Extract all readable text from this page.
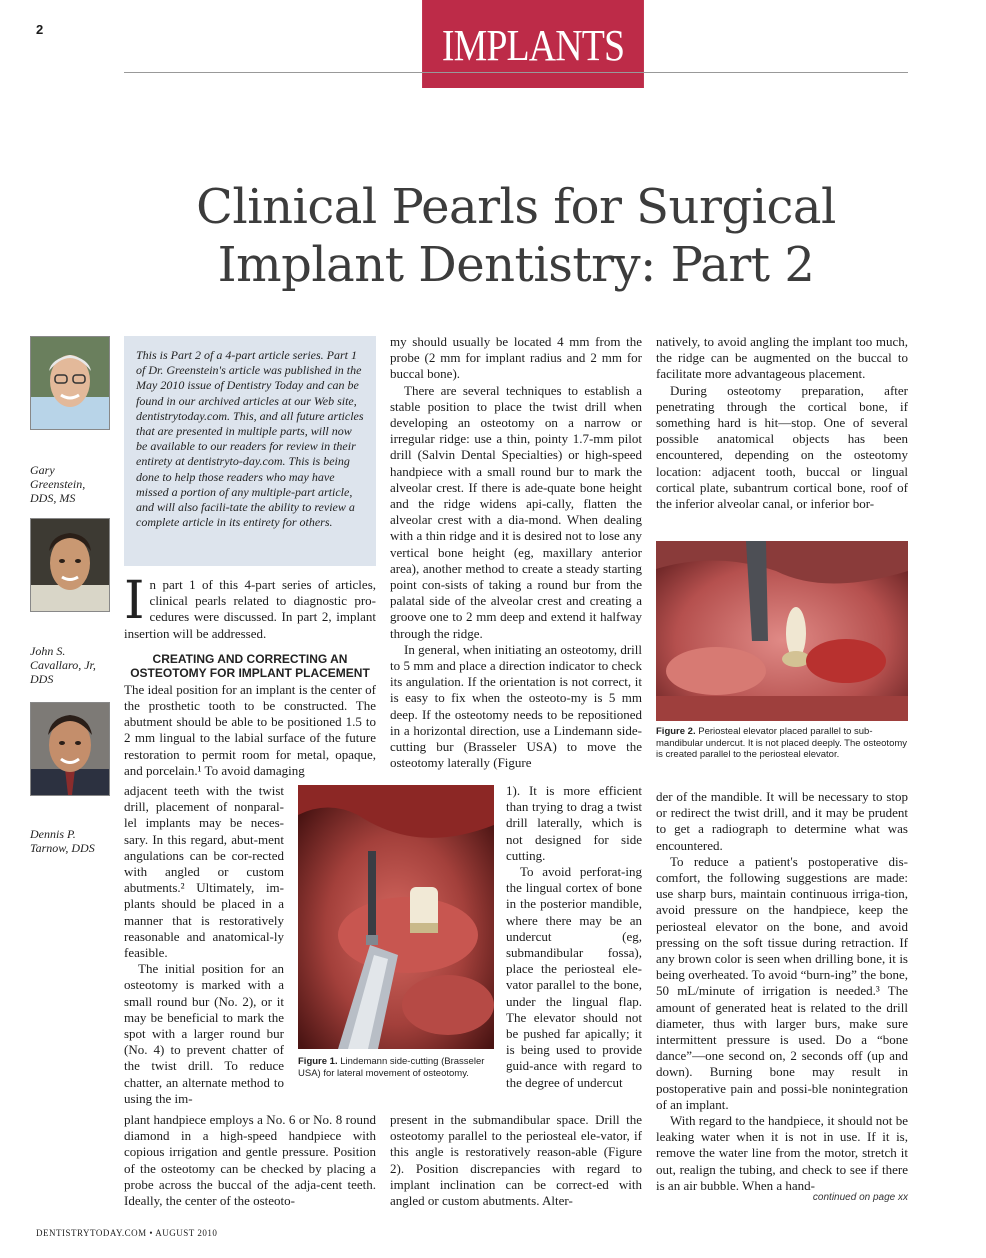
2	IMPLANTS
Clinical Pearls for Surgical
Implant Dentistry: Part 2
Gary
Greenstein,
DDS, MS
John S.
Cavallaro, Jr,
DDS
Dennis P.
Tarnow, DDS
This is Part 2 of a 4-part article series. Part 1 of Dr. Greenstein's article was published in the May 2010 issue of Dentistry Today and can be found in our archived articles at our Web site, dentistrytoday.com. This, and all future articles that are presented in multiple parts, will now be available to our readers for review in their entirety at dentistryto-day.com. This is being done to help those readers who may have missed a portion of any multiple-part article, and will also facili-tate the ability to review a complete article in its entirety for others.

In part 1 of this 4-part series of articles, clinical pearls related to diagnostic pro-cedures were discussed. In part 2, implant insertion will be addressed.

CREATING AND CORRECTING AN
OSTEOTOMY FOR IMPLANT PLACEMENT

The ideal position for an implant is the center of the prosthetic tooth to be constructed. The abutment should be able to be positioned 1.5 to 2 mm lingual to the labial surface of the future restoration to permit room for metal, opaque, and porcelain.¹ To avoid damaging

adjacent teeth with the twist drill, placement of nonparal-lel implants may be neces-sary. In this regard, abut-ment angulations can be cor-rected with angled or custom abutments.² Ultimately, im-plants should be placed in a manner that is restoratively reasonable and anatomical-ly feasible.

The initial position for an osteotomy is marked with a small round bur (No. 2), or it may be beneficial to mark the spot with a larger round bur (No. 4) to prevent chatter of the twist drill. To reduce chatter, an alternate method to using the im-

plant handpiece employs a No. 6 or No. 8 round diamond in a high-speed handpiece with copious irrigation and gentle pressure. Position of the osteotomy can be checked by placing a probe across the buccal of the adja-cent teeth. Ideally, the center of the osteoto-

Figure 1. Lindemann side-cutting (Brasseler USA) for lateral movement of osteotomy.

my should usually be located 4 mm from the probe (2 mm for implant radius and 2 mm for buccal bone).

There are several techniques to establish a stable position to place the twist drill when developing an osteotomy on a narrow or irregular ridge: use a thin, pointy 1.7-mm pilot drill (Salvin Dental Specialties) or high-speed handpiece with a small round bur to mark the alveolar crest. If there is ade-quate bone height and the ridge widens api-cally, flatten the alveolar crest with a dia-mond. When dealing with a thin ridge and it is desired not to lose any vertical bone height (eg, maxillary anterior area), another method to create a steady starting point con-sists of taking a round bur from the palatal side of the alveolar crest and creating a groove one to 2 mm deep and extend it halfway through the ridge.

In general, when initiating an osteotomy, drill to 5 mm and place a direction indicator to check its angulation. If the orientation is not correct, it is easy to fix when the osteoto-my is 5 mm deep. If the osteotomy needs to be repositioned in a horizontal direction, use a Lindemann side-cutting bur (Brasseler USA) to move the osteotomy laterally (Figure

1). It is more efficient than trying to drag a twist drill laterally, which is not designed for side cutting.

To avoid perforat-ing the lingual cortex of bone in the posterior mandible, where there may be an undercut (eg, submandibular fossa), place the periosteal ele-vator parallel to the bone, under the lingual flap. The elevator should not be pushed far apically; it is being used to provide guid-ance with regard to the degree of undercut

present in the submandibular space. Drill the osteotomy parallel to the periosteal ele-vator, if this angle is restoratively reason-able (Figure 2). Position discrepancies with regard to implant inclination can be correct-ed with angled or custom abutments. Alter-

natively, to avoid angling the implant too much, the ridge can be augmented on the buccal to facilitate more advantageous placement.

During osteotomy preparation, after penetrating through the cortical bone, if something hard is hit—stop. One of several possible anatomical objects has been encountered, depending on the osteotomy location: adjacent tooth, buccal or lingual cortical plate, subantrum cortical bone, roof of the inferior alveolar canal, or inferior bor-

Figure 2. Periosteal elevator placed parallel to sub-mandibular undercut. It is not placed deeply. The osteotomy is created parallel to the periosteal elevator.

der of the mandible. It will be necessary to stop or redirect the twist drill, and it may be prudent to get a radiograph to determine what was encountered.

To reduce a patient's postoperative dis-comfort, the following suggestions are made: use sharp burs, maintain continuous irriga-tion, avoid pressure on the handpiece, keep the periosteal elevator on the bone, and avoid pressing on the soft tissue during retraction. If any brown color is seen when drilling bone, it is being overheated. To avoid “burn-ing” the bone, 50 mL/minute of irrigation is needed.³ The amount of generated heat is related to the drill diameter, thus with larger burs, make sure intermittent pressure is used. Do a “bone dance”—one second on, 2 seconds off (up and down). Burning bone may result in postoperative pain and possi-ble nonintegration of an implant.

With regard to the handpiece, it should not be leaking water when it is not in use. If it is, remove the water line from the motor, stretch it out, realign the tubing, and check to see if there is an air bubble. When a hand-

continued on page xx
DENTISTRYTODAY.COM • AUGUST 2010
